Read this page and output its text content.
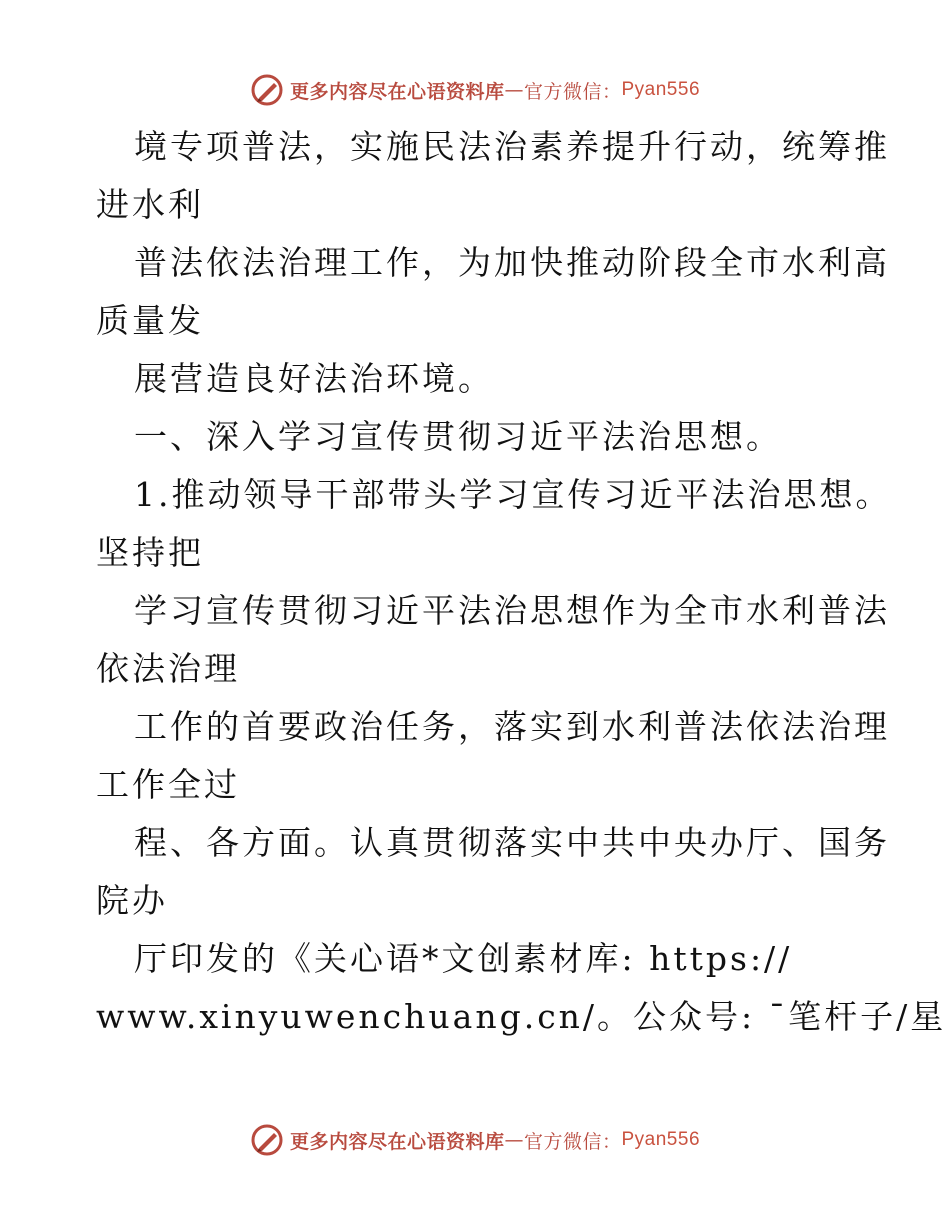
更多内容尽在心语资料库 — 官方微信： Pyan556
境专项普法，实施民法治素养提升行动，统筹推
进水利
普法依法治理工作，为加快推动阶段全市水利高
质量发
展营造良好法治环境。
一、深入学习宣传贯彻习近平法治思想。
1.推动领导干部带头学习宣传习近平法治思想。
坚持把
学习宣传贯彻习近平法治思想作为全市水利普法
依法治理
工作的首要政治任务，落实到水利普法依法治理
工作全过
程、各方面。认真贯彻落实中共中央办厅、国务
院办
厅印发的《关心语*文创素材库: https://
www.xinyuwenchuang.cn/。公众号: ¯笔杆子/星
更多内容尽在心语资料库 — 官方微信： Pyan556
